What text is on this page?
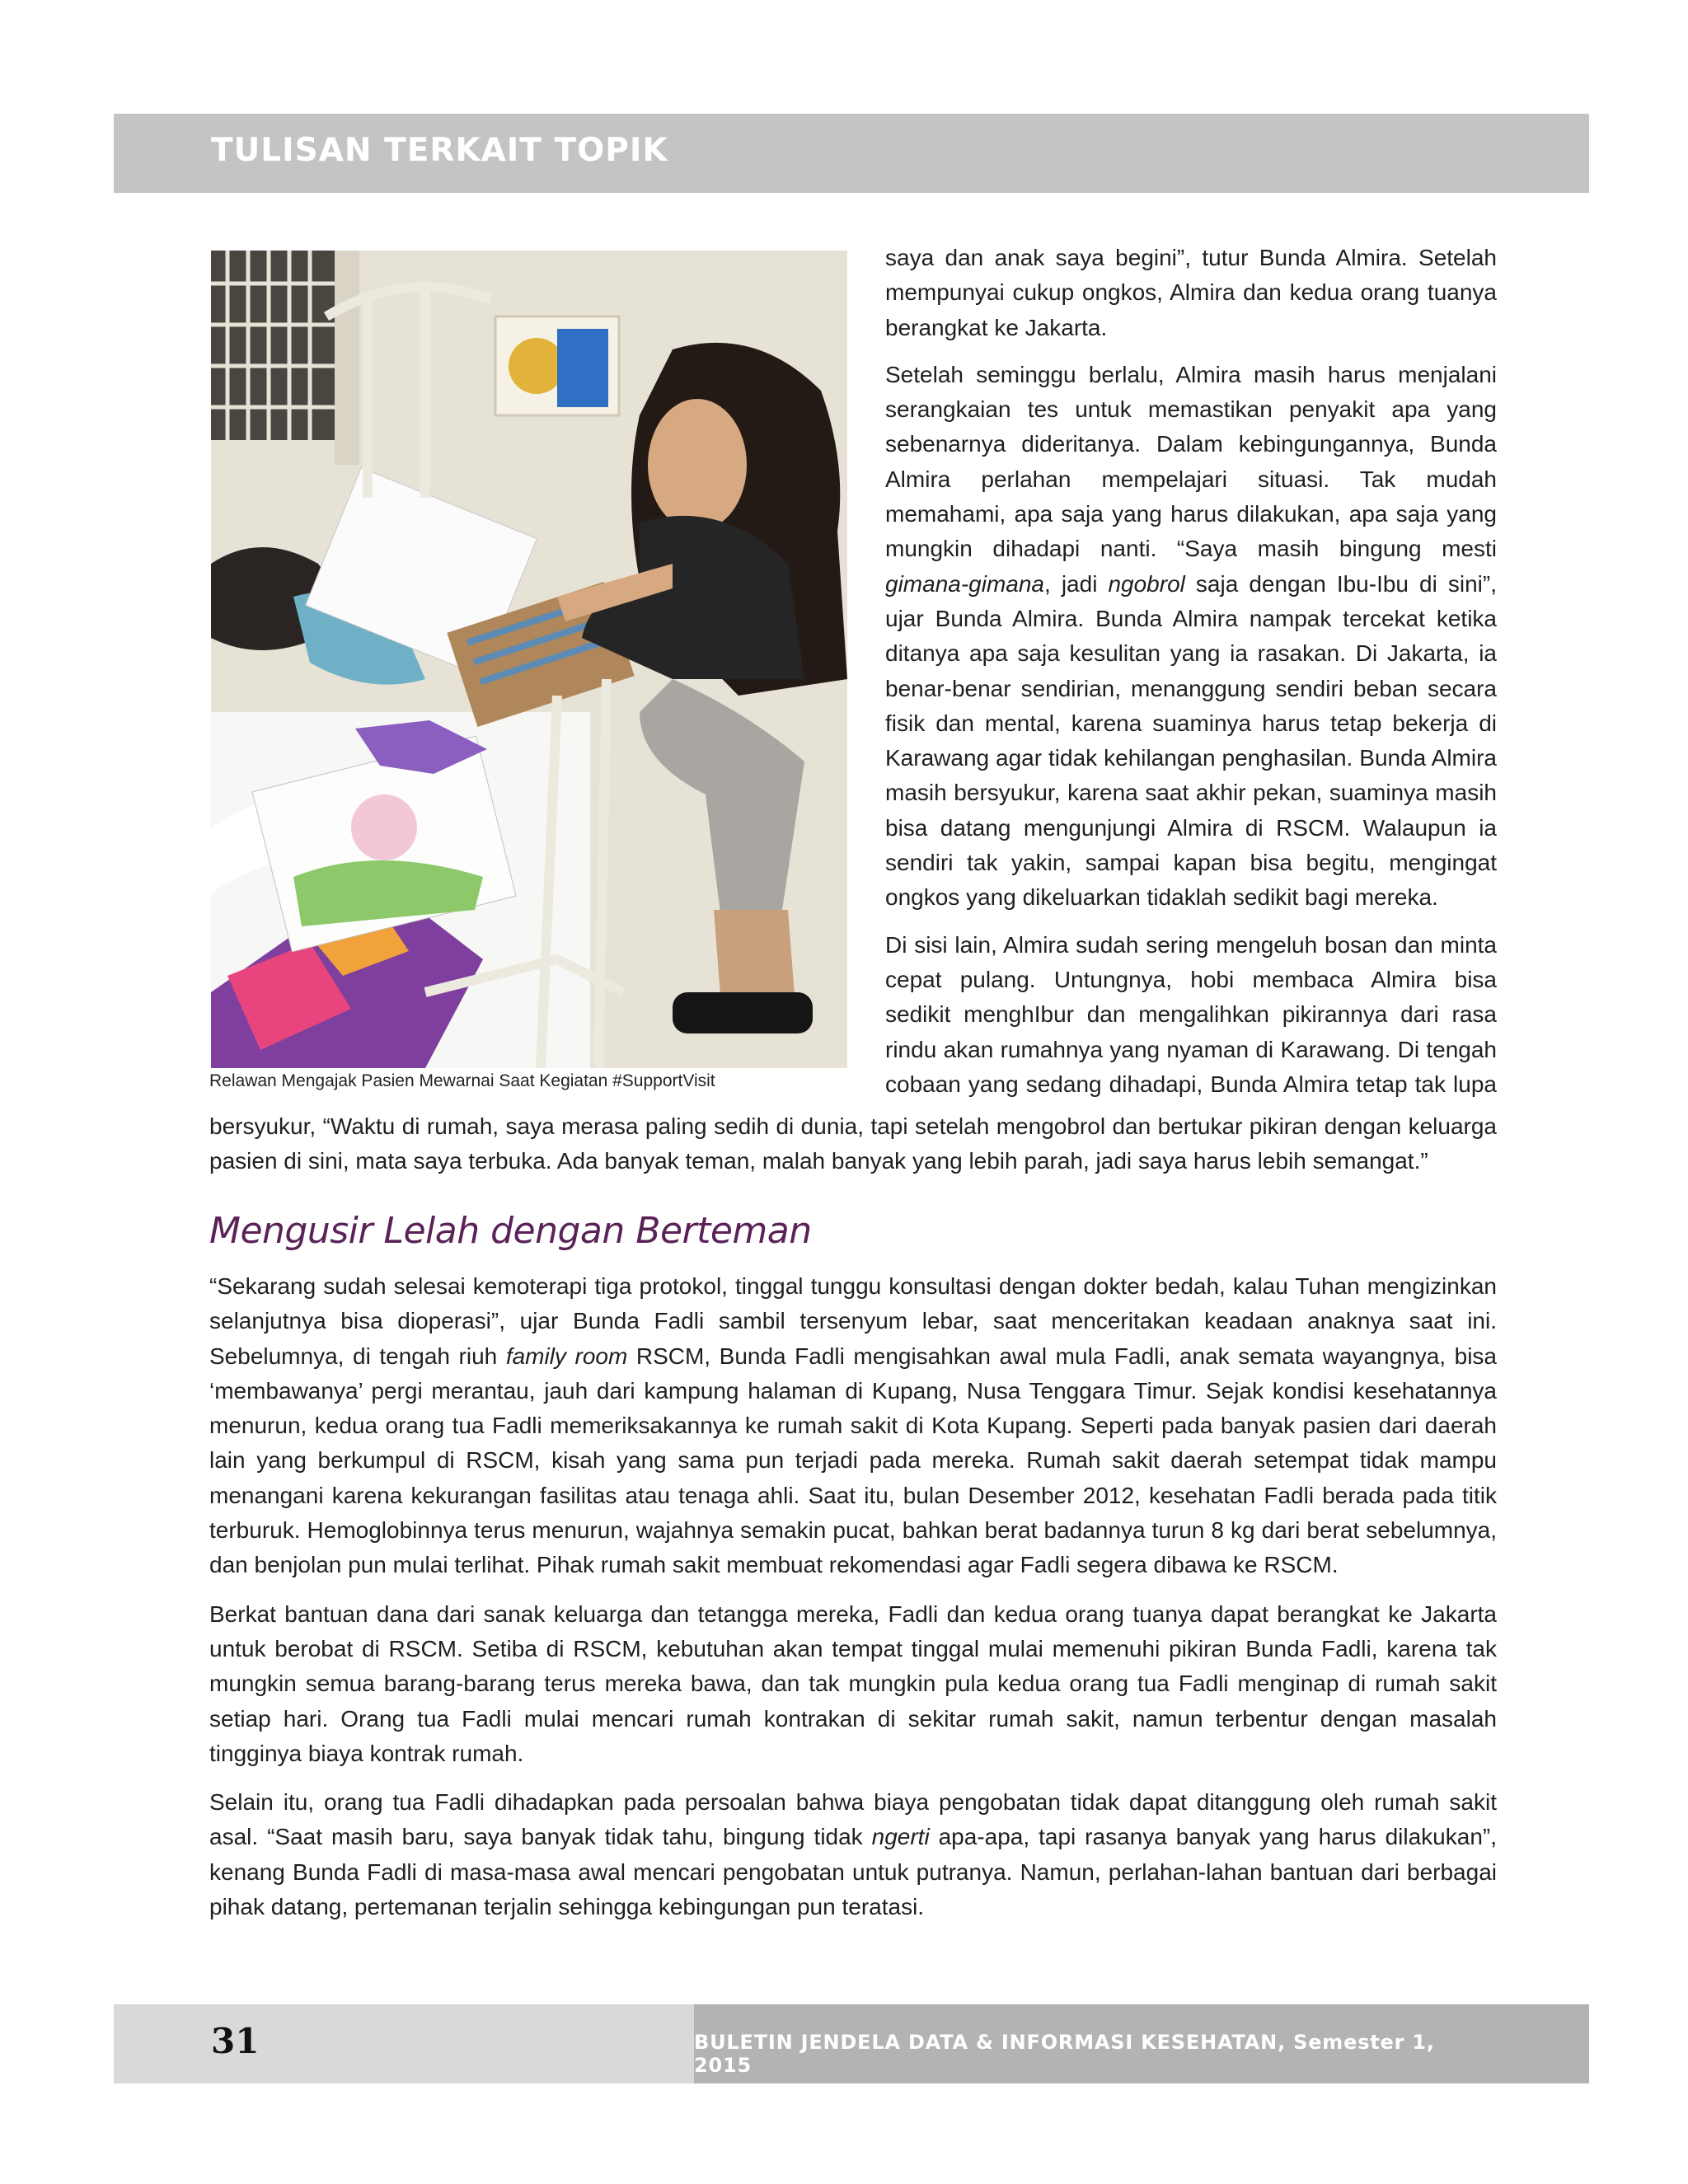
TULISAN TERKAIT TOPIK

Relawan Mengajak Pasien Mewarnai Saat Kegiatan #SupportVisit

saya dan anak saya begini”, tutur Bunda Almira. Setelah mempunyai cukup ongkos, Almira dan kedua orang tuanya berangkat ke Jakarta.

Setelah seminggu berlalu, Almira masih harus menjalani serangkaian tes untuk memastikan penyakit apa yang sebenarnya dideritanya. Dalam kebingungannya, Bunda Almira perlahan mempelajari situasi. Tak mudah memahami, apa saja yang harus dilakukan, apa saja yang mungkin dihadapi nanti. “Saya masih bingung mesti gimana-gimana, jadi ngobrol saja dengan Ibu-Ibu di sini”, ujar Bunda Almira. Bunda Almira nampak tercekat ketika ditanya apa saja kesulitan yang ia rasakan. Di Jakarta, ia benar-benar sendirian, menanggung sendiri beban secara fisik dan mental, karena suaminya harus tetap bekerja di Karawang agar tidak kehilangan penghasilan. Bunda Almira masih bersyukur, karena saat akhir pekan, suaminya masih bisa datang mengunjungi Almira di RSCM. Walaupun ia sendiri tak yakin, sampai kapan bisa begitu, mengingat ongkos yang dikeluarkan tidaklah sedikit bagi mereka.

Di sisi lain, Almira sudah sering mengeluh bosan dan minta cepat pulang. Untungnya, hobi membaca Almira bisa sedikit menghIbur dan mengalihkan pikirannya dari rasa rindu akan rumahnya yang nyaman di Karawang. Di tengah cobaan yang sedang dihadapi, Bunda Almira tetap tak lupa

bersyukur, “Waktu di rumah, saya merasa paling sedih di dunia, tapi setelah mengobrol dan bertukar pikiran dengan keluarga pasien di sini, mata saya terbuka. Ada banyak teman, malah banyak yang lebih parah, jadi saya harus lebih semangat.”

Mengusir Lelah dengan Berteman

“Sekarang sudah selesai kemoterapi tiga protokol, tinggal tunggu konsultasi dengan dokter bedah, kalau Tuhan mengizinkan selanjutnya bisa dioperasi”, ujar Bunda Fadli sambil tersenyum lebar, saat menceritakan keadaan anaknya saat ini. Sebelumnya, di tengah riuh family room RSCM, Bunda Fadli mengisahkan awal mula Fadli, anak semata wayangnya, bisa ‘membawanya’ pergi merantau, jauh dari kampung halaman di Kupang, Nusa Tenggara Timur. Sejak kondisi kesehatannya menurun, kedua orang tua Fadli memeriksakannya ke rumah sakit di Kota Kupang. Seperti pada banyak pasien dari daerah lain yang berkumpul di RSCM, kisah yang sama pun terjadi pada mereka. Rumah sakit daerah setempat tidak mampu menangani karena kekurangan fasilitas atau tenaga ahli. Saat itu, bulan Desember 2012, kesehatan Fadli berada pada titik terburuk. Hemoglobinnya terus menurun, wajahnya semakin pucat, bahkan berat badannya turun 8 kg dari berat sebelumnya, dan benjolan pun mulai terlihat. Pihak rumah sakit membuat rekomendasi agar Fadli segera dibawa ke RSCM.

Berkat bantuan dana dari sanak keluarga dan tetangga mereka, Fadli dan kedua orang tuanya dapat berangkat ke Jakarta untuk berobat di RSCM. Setiba di RSCM, kebutuhan akan tempat tinggal mulai memenuhi pikiran Bunda Fadli, karena tak mungkin semua barang-barang terus mereka bawa, dan tak mungkin pula kedua orang tua Fadli menginap di rumah sakit setiap hari. Orang tua Fadli mulai mencari rumah kontrakan di sekitar rumah sakit, namun terbentur dengan masalah tingginya biaya kontrak rumah.

Selain itu, orang tua Fadli dihadapkan pada persoalan bahwa biaya pengobatan tidak dapat ditanggung oleh rumah sakit asal. “Saat masih baru, saya banyak tidak tahu, bingung tidak ngerti apa-apa, tapi rasanya banyak yang harus dilakukan”, kenang Bunda Fadli di masa-masa awal mencari pengobatan untuk putranya. Namun, perlahan-lahan bantuan dari berbagai pihak datang, pertemanan terjalin sehingga kebingungan pun teratasi.

31	BULETIN JENDELA DATA & INFORMASI KESEHATAN, Semester 1, 2015
